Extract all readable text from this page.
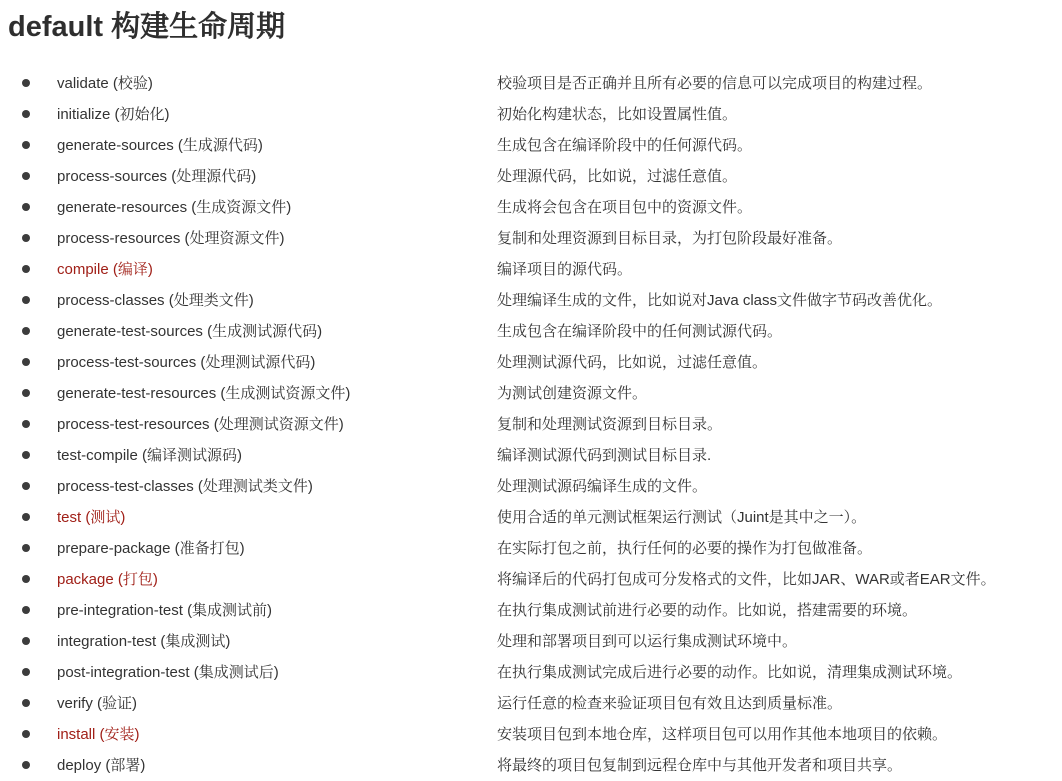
default 构建生命周期
validate (校验)	校验项目是否正确并且所有必要的信息可以完成项目的构建过程。
initialize (初始化)	初始化构建状态，比如设置属性值。
generate-sources (生成源代码)	生成包含在编译阶段中的任何源代码。
process-sources (处理源代码)	处理源代码，比如说，过滤任意值。
generate-resources (生成资源文件)	生成将会包含在项目包中的资源文件。
process-resources (处理资源文件)	复制和处理资源到目标目录，为打包阶段最好准备。
compile (编译)	编译项目的源代码。
process-classes (处理类文件)	处理编译生成的文件，比如说对Java class文件做字节码改善优化。
generate-test-sources (生成测试源代码)	生成包含在编译阶段中的任何测试源代码。
process-test-sources (处理测试源代码)	处理测试源代码，比如说，过滤任意值。
generate-test-resources (生成测试资源文件)	为测试创建资源文件。
process-test-resources (处理测试资源文件)	复制和处理测试资源到目标目录。
test-compile (编译测试源码)	编译测试源代码到测试目标目录.
process-test-classes (处理测试类文件)	处理测试源码编译生成的文件。
test (测试)	使用合适的单元测试框架运行测试（Juint是其中之一）。
prepare-package (准备打包)	在实际打包之前，执行任何的必要的操作为打包做准备。
package (打包)	将编译后的代码打包成可分发格式的文件，比如JAR、WAR或者EAR文件。
pre-integration-test (集成测试前)	在执行集成测试前进行必要的动作。比如说，搭建需要的环境。
integration-test (集成测试)	处理和部署项目到可以运行集成测试环境中。
post-integration-test (集成测试后)	在执行集成测试完成后进行必要的动作。比如说，清理集成测试环境。
verify (验证)	运行任意的检查来验证项目包有效且达到质量标准。
install (安装)	安装项目包到本地仓库，这样项目包可以用作其他本地项目的依赖。
deploy (部署)	将最终的项目包复制到远程仓库中与其他开发者和项目共享。
